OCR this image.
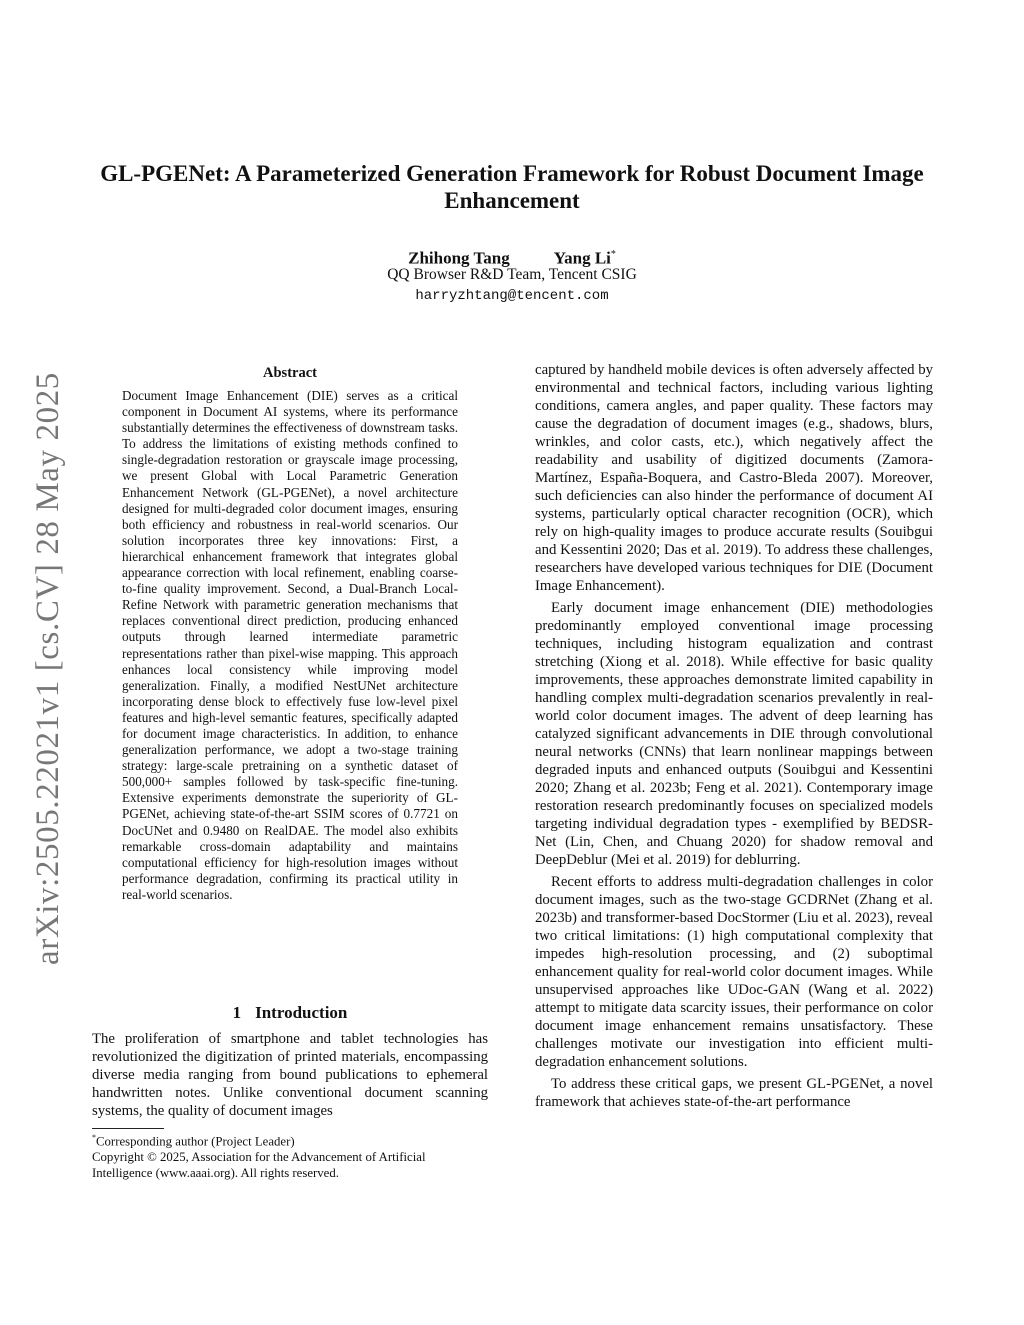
arXiv:2505.22021v1 [cs.CV] 28 May 2025
GL-PGENet: A Parameterized Generation Framework for Robust Document Image Enhancement
Zhihong Tang	Yang Li*
QQ Browser R&D Team, Tencent CSIG
harryzhtang@tencent.com
Abstract
Document Image Enhancement (DIE) serves as a critical component in Document AI systems, where its performance substantially determines the effectiveness of downstream tasks. To address the limitations of existing methods confined to single-degradation restoration or grayscale image processing, we present Global with Local Parametric Generation Enhancement Network (GL-PGENet), a novel architecture designed for multi-degraded color document images, ensuring both efficiency and robustness in real-world scenarios. Our solution incorporates three key innovations: First, a hierarchical enhancement framework that integrates global appearance correction with local refinement, enabling coarse-to-fine quality improvement. Second, a Dual-Branch Local-Refine Network with parametric generation mechanisms that replaces conventional direct prediction, producing enhanced outputs through learned intermediate parametric representations rather than pixel-wise mapping. This approach enhances local consistency while improving model generalization. Finally, a modified NestUNet architecture incorporating dense block to effectively fuse low-level pixel features and high-level semantic features, specifically adapted for document image characteristics. In addition, to enhance generalization performance, we adopt a two-stage training strategy: large-scale pretraining on a synthetic dataset of 500,000+ samples followed by task-specific fine-tuning. Extensive experiments demonstrate the superiority of GL-PGENet, achieving state-of-the-art SSIM scores of 0.7721 on DocUNet and 0.9480 on RealDAE. The model also exhibits remarkable cross-domain adaptability and maintains computational efficiency for high-resolution images without performance degradation, confirming its practical utility in real-world scenarios.
1 Introduction

The proliferation of smartphone and tablet technologies has revolutionized the digitization of printed materials, encompassing diverse media ranging from bound publications to ephemeral handwritten notes. Unlike conventional document scanning systems, the quality of document images

*Corresponding author (Project Leader)
Copyright © 2025, Association for the Advancement of Artificial Intelligence (www.aaai.org). All rights reserved.

captured by handheld mobile devices is often adversely affected by environmental and technical factors, including various lighting conditions, camera angles, and paper quality. These factors may cause the degradation of document images (e.g., shadows, blurs, wrinkles, and color casts, etc.), which negatively affect the readability and usability of digitized documents (Zamora-Martínez, España-Boquera, and Castro-Bleda 2007). Moreover, such deficiencies can also hinder the performance of document AI systems, particularly optical character recognition (OCR), which rely on high-quality images to produce accurate results (Souibgui and Kessentini 2020; Das et al. 2019). To address these challenges, researchers have developed various techniques for DIE (Document Image Enhancement).

Early document image enhancement (DIE) methodologies predominantly employed conventional image processing techniques, including histogram equalization and contrast stretching (Xiong et al. 2018). While effective for basic quality improvements, these approaches demonstrate limited capability in handling complex multi-degradation scenarios prevalently in real-world color document images. The advent of deep learning has catalyzed significant advancements in DIE through convolutional neural networks (CNNs) that learn nonlinear mappings between degraded inputs and enhanced outputs (Souibgui and Kessentini 2020; Zhang et al. 2023b; Feng et al. 2021). Contemporary image restoration research predominantly focuses on specialized models targeting individual degradation types - exemplified by BEDSR-Net (Lin, Chen, and Chuang 2020) for shadow removal and DeepDeblur (Mei et al. 2019) for deblurring.

Recent efforts to address multi-degradation challenges in color document images, such as the two-stage GCDRNet (Zhang et al. 2023b) and transformer-based DocStormer (Liu et al. 2023), reveal two critical limitations: (1) high computational complexity that impedes high-resolution processing, and (2) suboptimal enhancement quality for real-world color document images. While unsupervised approaches like UDoc-GAN (Wang et al. 2022) attempt to mitigate data scarcity issues, their performance on color document image enhancement remains unsatisfactory. These challenges motivate our investigation into efficient multi-degradation enhancement solutions.

To address these critical gaps, we present GL-PGENet, a novel framework that achieves state-of-the-art performance
